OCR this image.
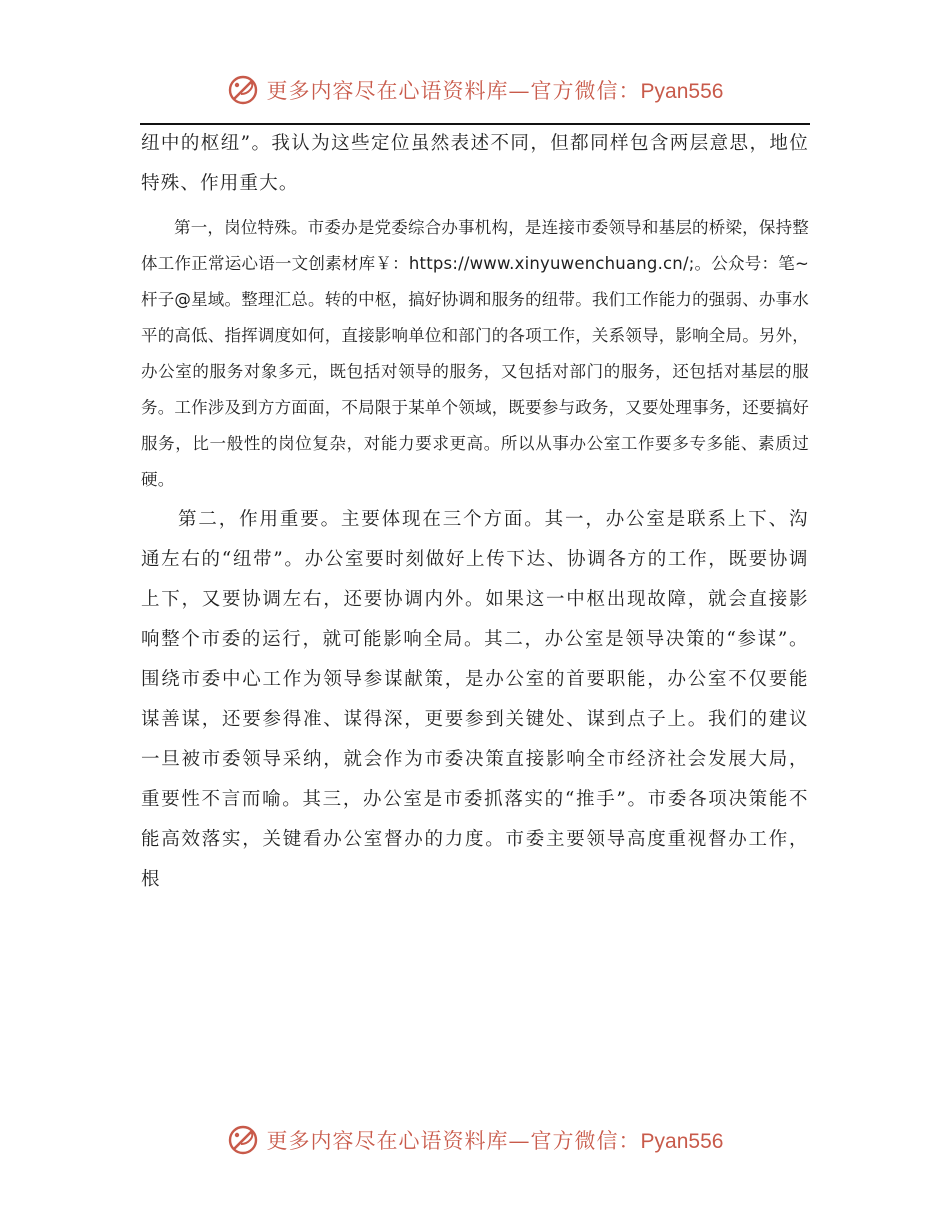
更多内容尽在心语资料库—官方微信：Pyan556

纽中的枢纽”。我认为这些定位虽然表述不同，但都同样包含两层意思，地位特殊、作用重大。

第一，岗位特殊。市委办是党委综合办事机构，是连接市委领导和基层的桥梁，保持整体工作正常运心语一文创素材库￥：https://www.xinyuwenchuang.cn/;。公众号：笔~杆子@星域。整理汇总。转的中枢，搞好协调和服务的纽带。我们工作能力的强弱、办事水平的高低、指挥调度如何，直接影响单位和部门的各项工作，关系领导，影响全局。另外，办公室的服务对象多元，既包括对领导的服务，又包括对部门的服务，还包括对基层的服务。工作涉及到方方面面，不局限于某单个领域，既要参与政务，又要处理事务，还要搞好服务，比一般性的岗位复杂，对能力要求更高。所以从事办公室工作要多专多能、素质过硬。

第二，作用重要。主要体现在三个方面。其一，办公室是联系上下、沟通左右的“纽带”。办公室要时刻做好上传下达、协调各方的工作，既要协调上下，又要协调左右，还要协调内外。如果这一中枢出现故障，就会直接影响整个市委的运行，就可能影响全局。其二，办公室是领导决策的“参谋”。围绕市委中心工作为领导参谋献策，是办公室的首要职能，办公室不仅要能谋善谋，还要参得准、谋得深，更要参到关键处、谋到点子上。我们的建议一旦被市委领导采纳，就会作为市委决策直接影响全市经济社会发展大局，重要性不言而喻。其三，办公室是市委抓落实的“推手”。市委各项决策能不能高效落实，关键看办公室督办的力度。市委主要领导高度重视督办工作，根

更多内容尽在心语资料库—官方微信：Pyan556
